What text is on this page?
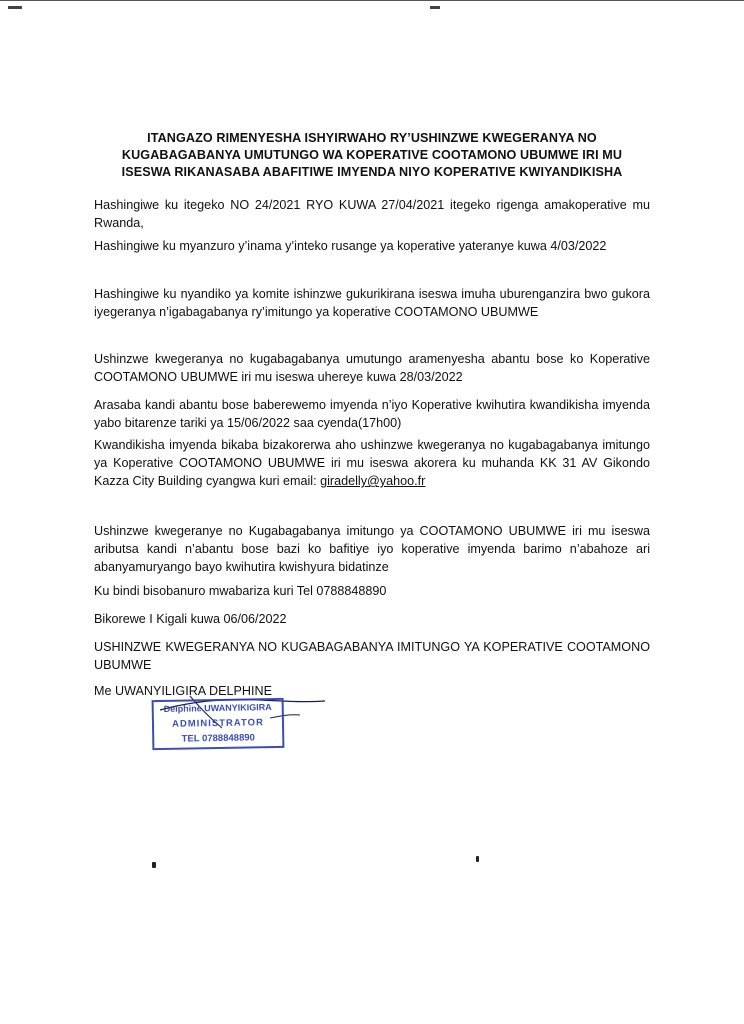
ITANGAZO RIMENYESHA ISHYIRWAHO RY’USHINZWE KWEGERANYA NO KUGABAGABANYA UMUTUNGO WA KOPERATIVE COOTAMONO UBUMWE IRI MU ISESWA RIKANASABA ABAFITIWE IMYENDA NIYO KOPERATIVE KWIYANDIKISHA
Hashingiwe ku itegeko NO 24/2021 RYO KUWA 27/04/2021 itegeko rigenga amakoperative mu Rwanda,
Hashingiwe ku myanzuro y’inama y’inteko rusange ya koperative yateranye kuwa 4/03/2022
Hashingiwe ku nyandiko ya komite ishinzwe gukurikirana iseswa imuha uburenganzira bwo gukora iyegeranya n’igabagabanya ry’imitungo ya koperative COOTAMONO UBUMWE
Ushinzwe kwegeranya no kugabagabanya umutungo aramenyesha abantu bose ko Koperative COOTAMONO UBUMWE iri mu iseswa uhereye kuwa 28/03/2022
Arasaba kandi abantu bose baberewemo imyenda n’iyo Koperative kwihutira kwandikisha imyenda yabo bitarenze tariki ya 15/06/2022 saa cyenda(17h00)
Kwandikisha imyenda bikaba bizakorerwa aho ushinzwe kwegeranya no kugabagabanya imitungo ya Koperative COOTAMONO UBUMWE iri mu iseswa akorera ku muhanda KK 31 AV Gikondo Kazza City Building cyangwa kuri email: giradelly@yahoo.fr
Ushinzwe kwegeranye no Kugabagabanya imitungo ya COOTAMONO UBUMWE iri mu iseswa aributsa kandi n’abantu bose bazi ko bafitiye iyo koperative imyenda barimo n’abahoze ari abanyamuryango bayo kwihutira kwishyura bidatinze
Ku bindi bisobanuro mwabariza kuri Tel 0788848890
Bikorewe I Kigali kuwa 06/06/2022
USHINZWE KWEGERANYA NO KUGABAGABANYA IMITUNGO YA KOPERATIVE COOTAMONO UBUMWE
Me UWANYILIGIRA DELPHINE
Delphine UWANYIKIGIRA
ADMINISTRATOR
TEL 0788848890
